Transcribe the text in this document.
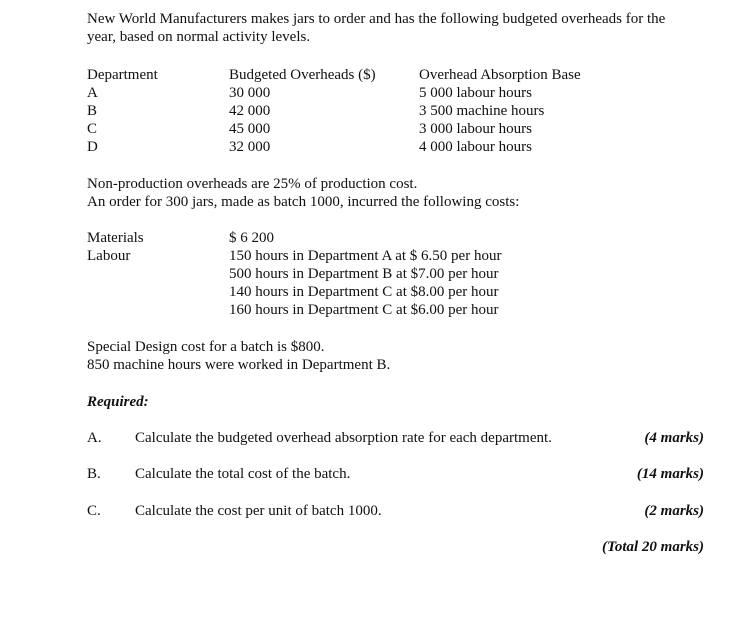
New World Manufacturers makes jars to order and has the following budgeted overheads for the
year, based on normal activity levels.
Department	Budgeted Overheads ($)	Overhead Absorption Base
A	30 000	5 000 labour hours
B	42 000	3 500 machine hours
C	45 000	3 000 labour hours
D	32 000	4 000 labour hours
Non-production overheads are 25% of production cost.
An order for 300 jars, made as batch 1000, incurred the following costs:
Materials	$ 6 200
Labour	150 hours in Department A at $ 6.50 per hour
500 hours in Department B at $7.00 per hour
140 hours in Department C at $8.00 per hour
160 hours in Department C at $6.00 per hour
Special Design cost for a batch is $800.
850 machine hours were worked in Department B.
Required:
A. Calculate the budgeted overhead absorption rate for each department.	(4 marks)
B. Calculate the total cost of the batch.	(14 marks)
C. Calculate the cost per unit of batch 1000.	(2 marks)
(Total 20 marks)
